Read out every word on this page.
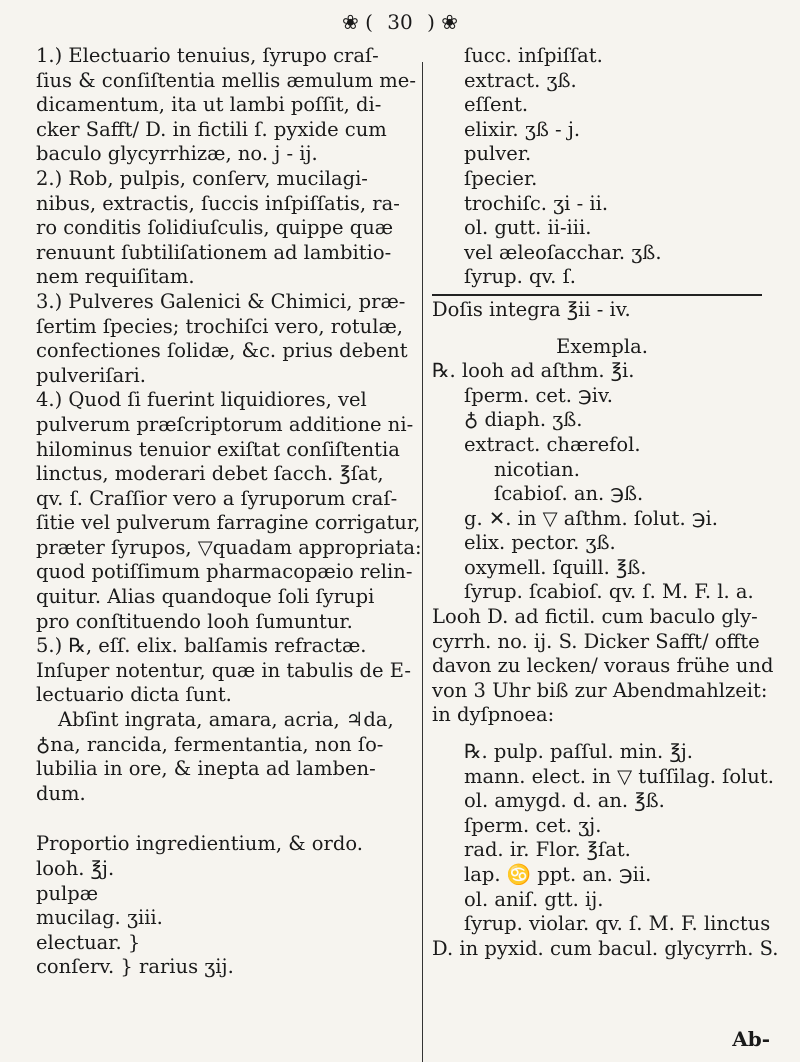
❀ ( 30 ) ❀
1.) Electuario tenuius, ſyrupo craſ-
ſius & conſiſtentia mellis æmulum me-
dicamentum, ita ut lambi poſſit, di-
cker Safft/ D. in fictili ſ. pyxide cum
baculo glycyrrhizæ, no. j - ij.
2.) Rob, pulpis, conſerv, mucilagi-
nibus, extractis, ſuccis inſpiſſatis, ra-
ro conditis ſolidiuſculis, quippe quæ
renuunt ſubtiliſationem ad lambitio-
nem requiſitam.
3.) Pulveres Galenici & Chimici, præ-
ſertim ſpecies; trochiſci vero, rotulæ,
confectiones ſolidæ, &c. prius debent
pulveriſari.
4.) Quod ſi fuerint liquidiores, vel
pulverum præſcriptorum additione ni-
hilominus tenuior exiſtat conſiſtentia
linctus, moderari debet ſacch. ℥ſat,
qv. ſ. Craſſior vero a ſyruporum craſ-
ſitie vel pulverum farragine corrigatur,
præter ſyrupos, ▽quadam appropriata:
quod potiſſimum pharmacopæio relin-
quitur. Alias quandoque ſoli ſyrupi
pro conſtituendo looh ſumuntur.
5.) ℞, eſſ. elix. balſamis refractæ.
Inſuper notentur, quæ in tabulis de E-
lectuario dicta ſunt.
Abſint ingrata, amara, acria, ♃da,
♁na, rancida, fermentantia, non ſo-
lubilia in ore, & inepta ad lamben-
dum.
Proportio ingredientium, & ordo.
looh. ℥j.
pulpæ
mucilag. ʒiii.
electuar. }
conſerv. } rarius ʒij.
ſucc. inſpiſſat.
extract. ʒß.
eſſent.
elixir. ʒß - j.
pulver.
ſpecier.
trochiſc. ʒi - ii.
ol. gutt. ii-iii.
vel æleoſacchar. ʒß.
ſyrup. qv. ſ.
Doſis integra ℥ii - iv.
Exempla.
℞. looh ad aſthm. ℥i.
ſperm. cet. ℈iv.
♁ diaph. ʒß.
extract. chærefol.
nicotian.
ſcabioſ. an. ℈ß.
g. ✕. in ▽ aſthm. ſolut. ℈i.
elix. pector. ʒß.
oxymell. ſquill. ℥ß.
ſyrup. ſcabioſ. qv. ſ. M. F. l. a.
Looh D. ad fictil. cum baculo gly-
cyrrh. no. ij. S. Dicker Safft/ offte
davon zu lecken/ voraus frühe und
von 3 Uhr biß zur Abendmahlzeit:
in dyſpnoea:
℞. pulp. paſſul. min. ℥j.
mann. elect. in ▽ tuſſilag. ſolut.
ol. amygd. d. an. ℥ß.
ſperm. cet. ʒj.
rad. ir. Flor. ℥ſat.
lap. ♋ ppt. an. ℈ii.
ol. aniſ. gtt. ij.
ſyrup. violar. qv. ſ. M. F. linctus
D. in pyxid. cum bacul. glycyrrh. S.
Ab-
